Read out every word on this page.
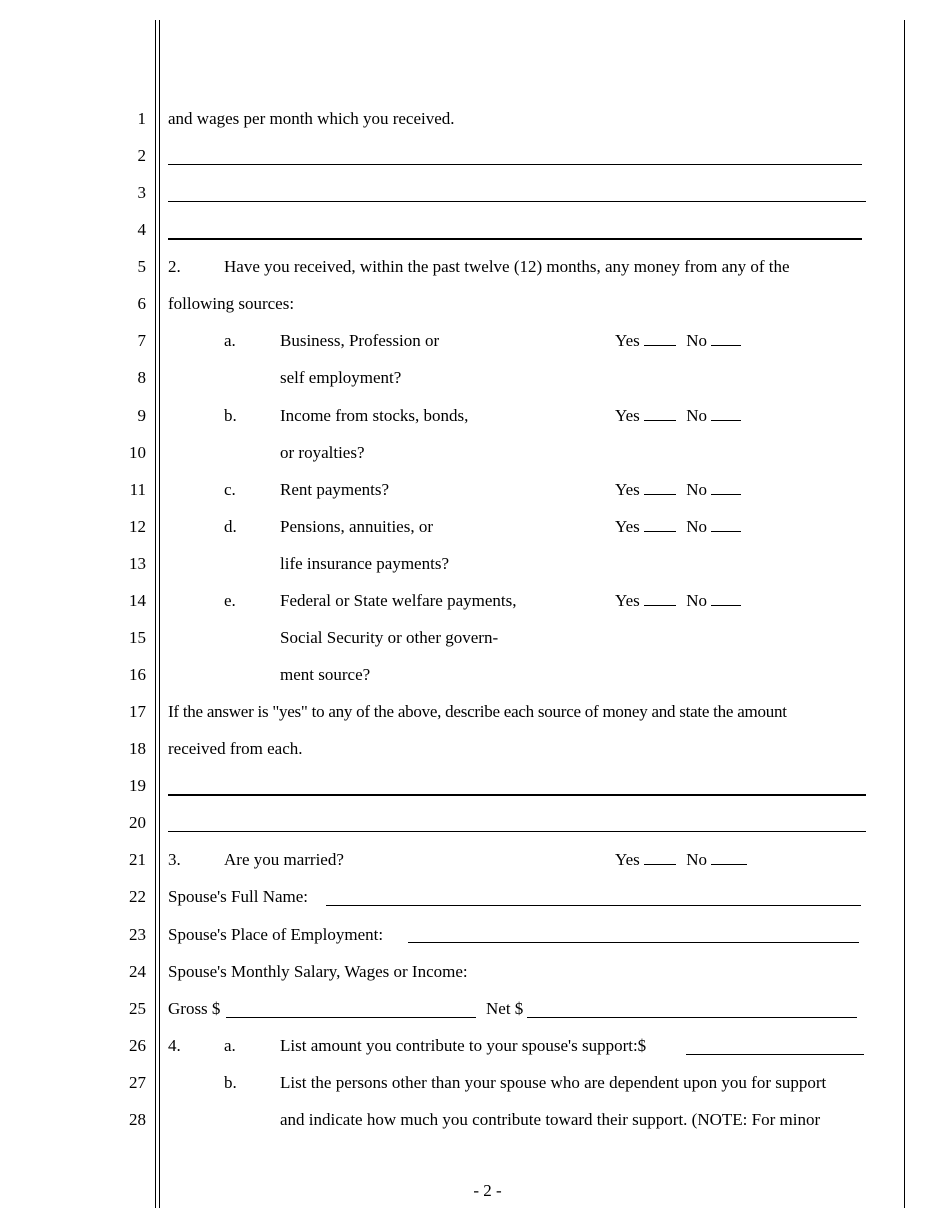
1
2
3
4
5
6
7
8
9
10
11
12
13
14
15
16
17
18
19
20
21
22
23
24
25
26
27
28
and wages per month which you received.
2.	Have you received, within the past twelve (12) months, any money from any of the
following sources:
a.	Business, Profession or	Yes	No
self employment?
b.	Income from stocks, bonds,	Yes	No
or royalties?
c.	Rent payments?	Yes	No
d.	Pensions, annuities, or	Yes	No
life insurance payments?
e.	Federal or State welfare payments,	Yes	No
Social Security or other govern-
ment source?
If the answer is "yes" to any of the above, describe each source of money and state the amount
received from each.
3.	Are you married?	Yes	No
Spouse's Full Name:
Spouse's Place of Employment:
Spouse's Monthly Salary, Wages or Income:
Gross $	Net $
4.	a.	List amount you contribute to your spouse's support:$
b.	List the persons other than your spouse who are dependent upon you for support
and indicate how much you contribute toward their support. (NOTE: For minor
- 2 -
